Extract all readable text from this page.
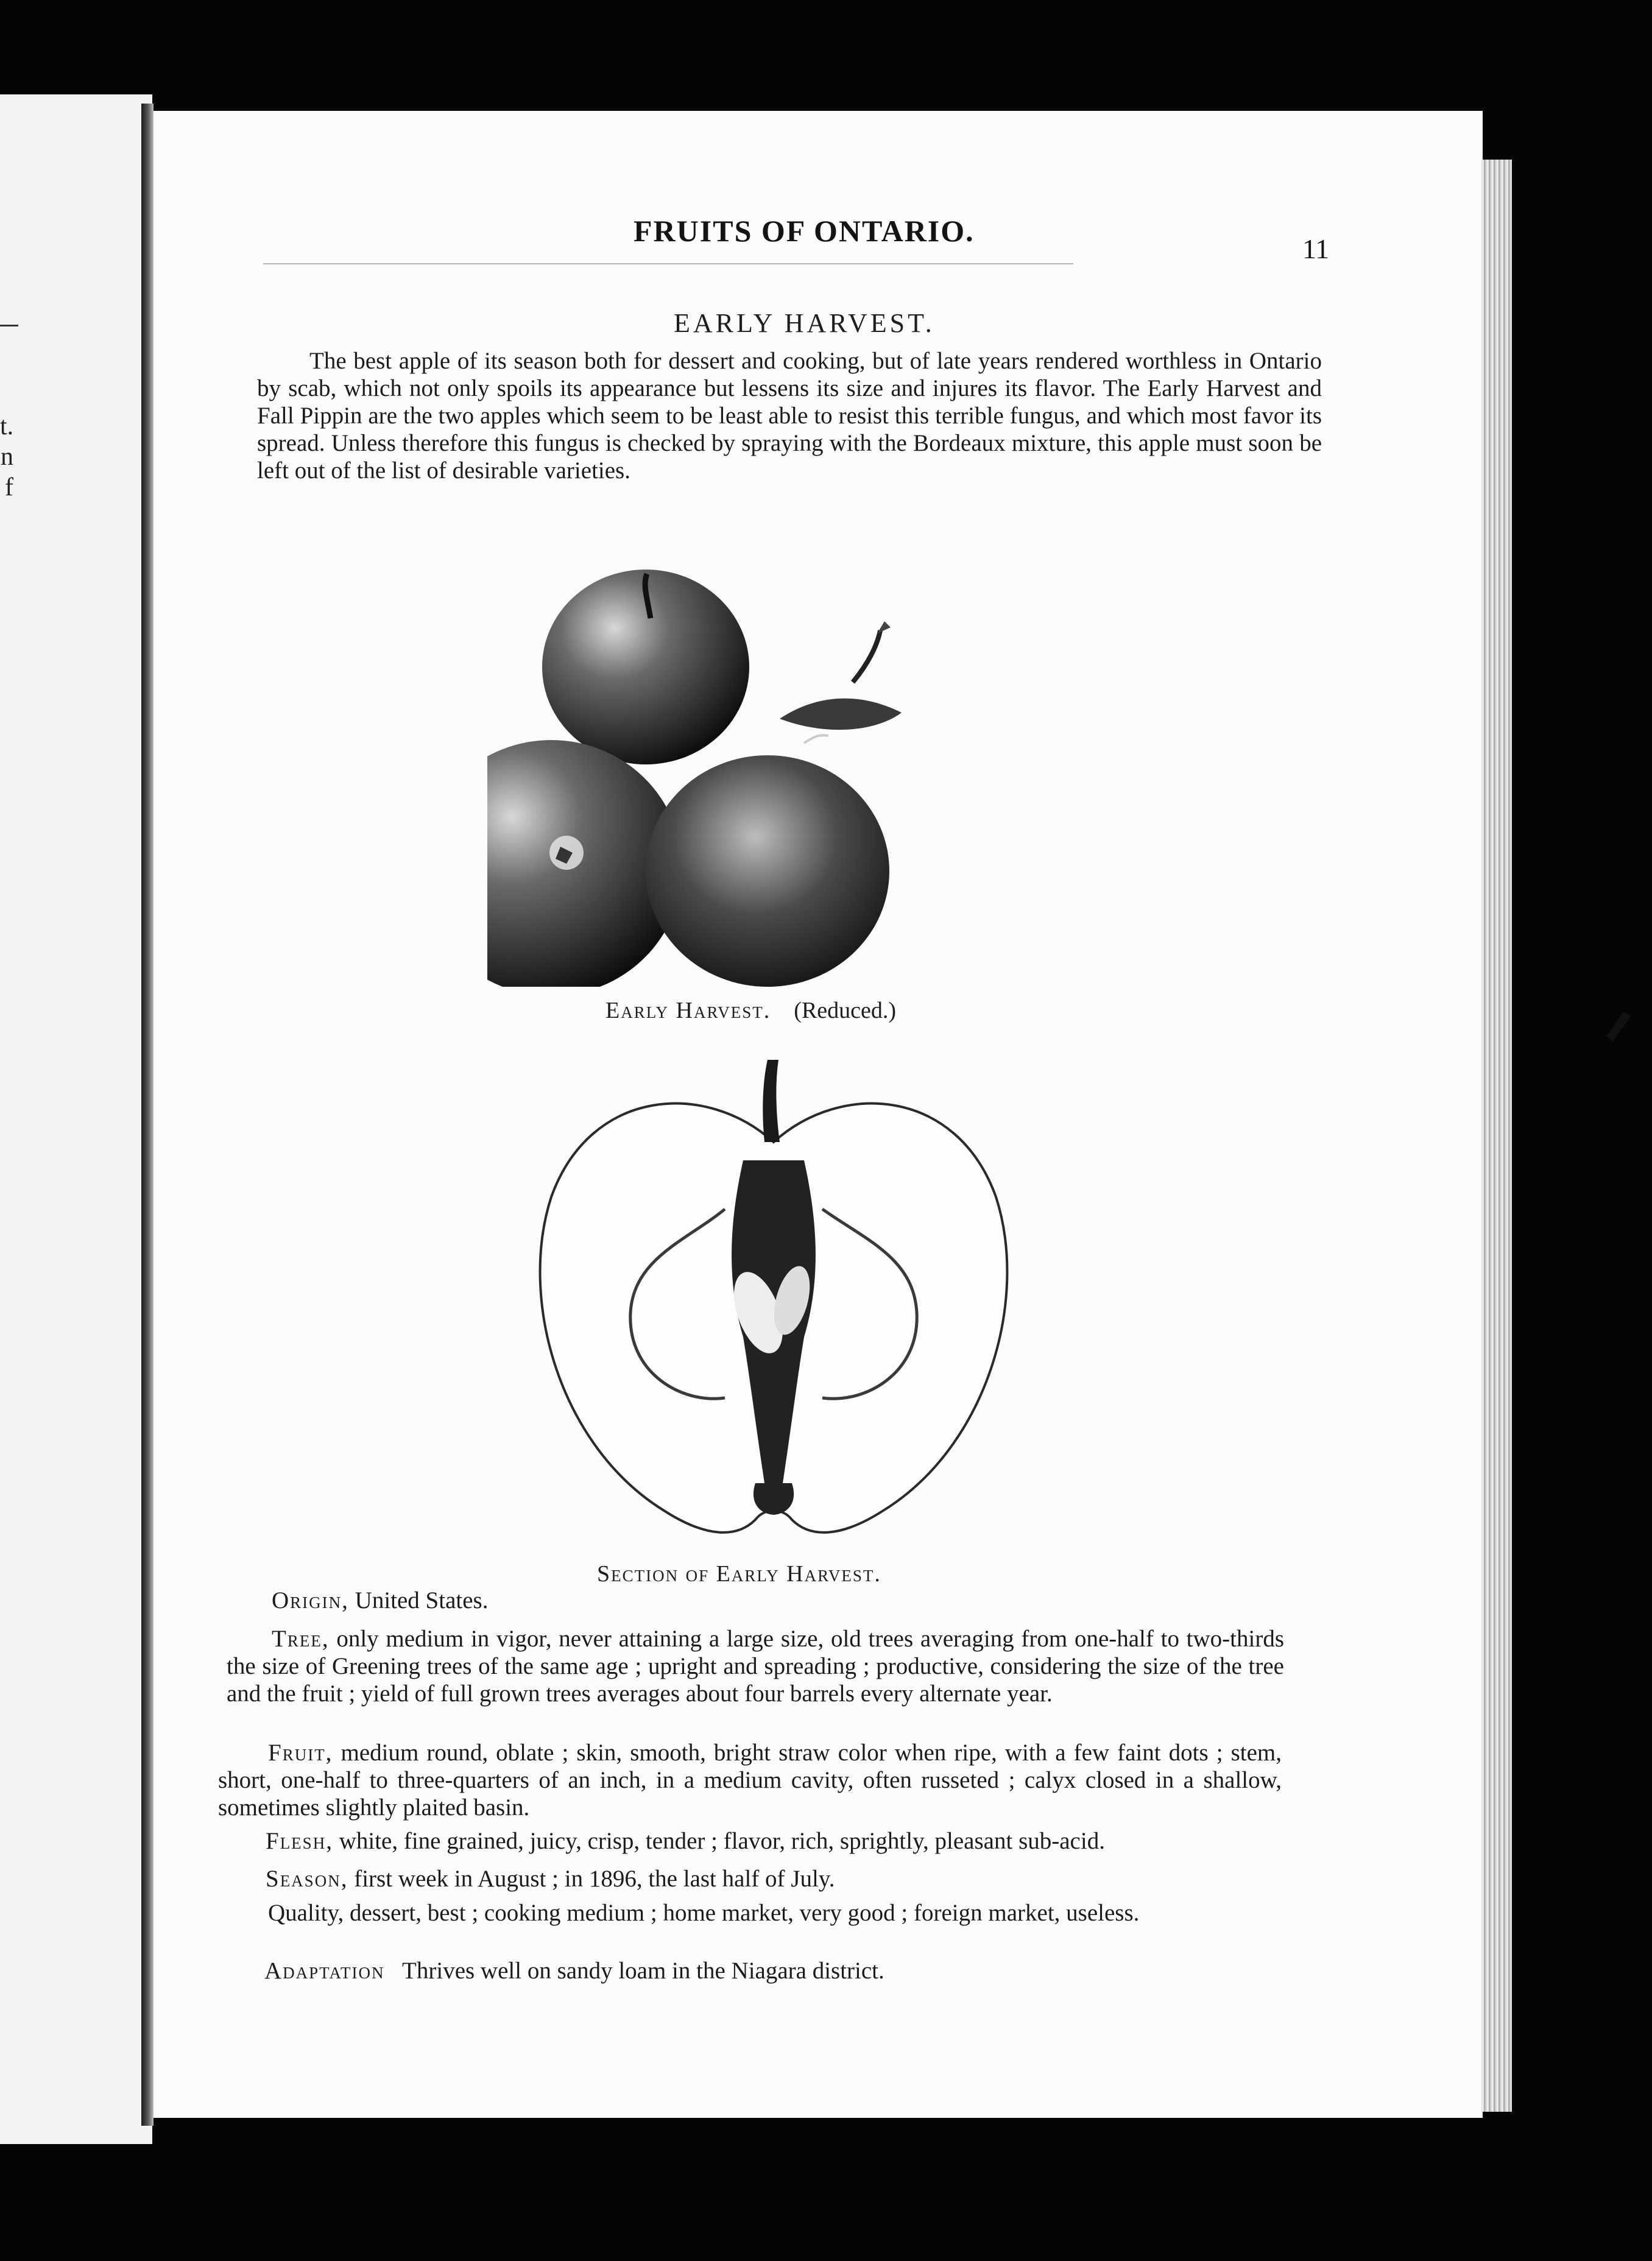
t.
n
f
FRUITS OF ONTARIO.
11
EARLY HARVEST.

The best apple of its season both for dessert and cooking, but of late years rendered worthless in Ontario by scab, which not only spoils its appearance but lessens its size and injures its flavor. The Early Harvest and Fall Pippin are the two apples which seem to be least able to resist this terrible fungus, and which most favor its spread. Unless therefore this fungus is checked by spraying with the Bordeaux mixture, this apple must soon be left out of the list of desirable varieties.

Early Harvest. (Reduced.)
Section of Early Harvest.

Origin, United States.

Tree, only medium in vigor, never attaining a large size, old trees averaging from one-half to two-thirds the size of Greening trees of the same age ; upright and spreading ; productive, considering the size of the tree and the fruit ; yield of full grown trees averages about four barrels every alternate year.

Fruit, medium round, oblate ; skin, smooth, bright straw color when ripe, with a few faint dots ; stem, short, one-half to three-quarters of an inch, in a medium cavity, often russeted ; calyx closed in a shallow, sometimes slightly plaited basin.

Flesh, white, fine grained, juicy, crisp, tender ; flavor, rich, sprightly, pleasant sub-acid.

Season, first week in August ; in 1896, the last half of July.

Quality, dessert, best ; cooking medium ; home market, very good ; foreign market, useless.

Adaptation Thrives well on sandy loam in the Niagara district.
